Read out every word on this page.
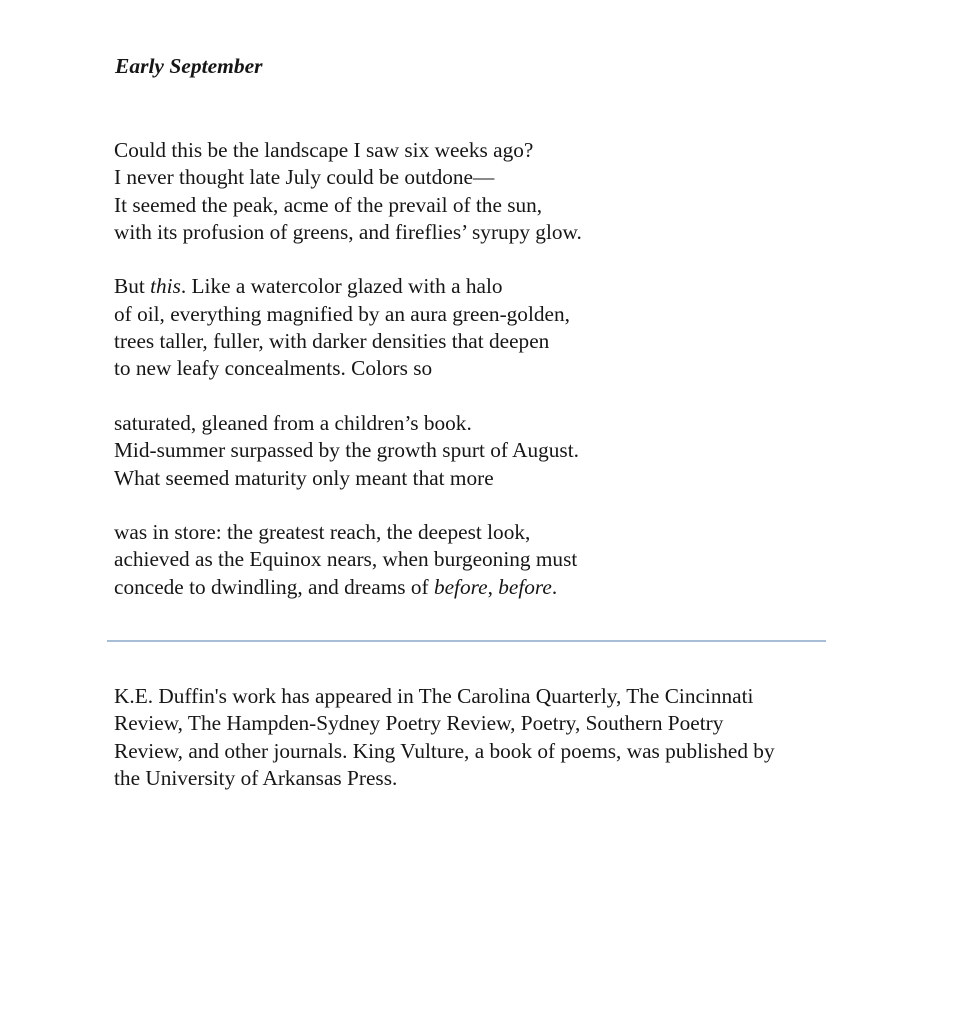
Early September
Could this be the landscape I saw six weeks ago?
I never thought late July could be outdone—
It seemed the peak, acme of the prevail of the sun,
with its profusion of greens, and fireflies’ syrupy glow.
But this. Like a watercolor glazed with a halo
of oil, everything magnified by an aura green-golden,
trees taller, fuller, with darker densities that deepen
to new leafy concealments. Colors so
saturated, gleaned from a children’s book.
Mid-summer surpassed by the growth spurt of August.
What seemed maturity only meant that more
was in store: the greatest reach, the deepest look,
achieved as the Equinox nears, when burgeoning must
concede to dwindling, and dreams of before, before.
K.E. Duffin's work has appeared in The Carolina Quarterly, The Cincinnati
Review, The Hampden-Sydney Poetry Review, Poetry, Southern Poetry
Review, and other journals. King Vulture, a book of poems, was published by
the University of Arkansas Press.
